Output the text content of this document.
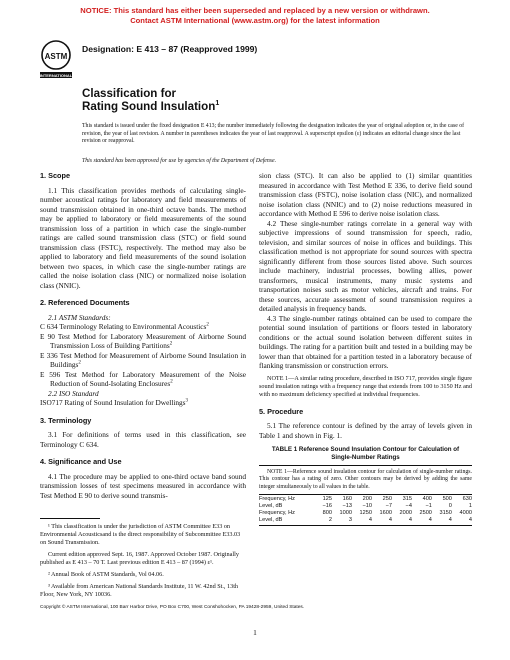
NOTICE: This standard has either been superseded and replaced by a new version or withdrawn.
Contact ASTM International (www.astm.org) for the latest information
ASTM
INTERNATIONAL
Designation: E 413 – 87 (Reapproved 1999)
Classification for
Rating Sound Insulation$^1$

This standard is issued under the fixed designation E 413; the number immediately following the designation indicates the year of original adoption or, in the case of revision, the year of last revision. A number in parentheses indicates the year of last reapproval. A superscript epsilon (ε) indicates an editorial change since the last revision or reapproval.

This standard has been approved for use by agencies of the Department of Defense.

1. Scope

1.1 This classification provides methods of calculating single-number acoustical ratings for laboratory and field measurements of sound transmission obtained in one-third octave bands. The method may be applied to laboratory or field measurements of the sound transmission loss of a partition in which case the single-number ratings are called sound transmission class (STC) or field sound transmission class (FSTC), respectively. The method may also be applied to laboratory and field measurements of the sound isolation between two spaces, in which case the single-number ratings are called the noise isolation class (NIC) or normalized noise isolation class (NNIC).

2. Referenced Documents

2.1 ASTM Standards:

C 634 Terminology Relating to Environmental Acoustics$^2$

E 90 Test Method for Laboratory Measurement of Airborne Sound Transmission Loss of Building Partitions$^2$

E 336 Test Method for Measurement of Airborne Sound Insulation in Buildings$^2$

E 596 Test Method for Laboratory Measurement of the Noise Reduction of Sound-Isolating Enclosures$^2$

2.2 ISO Standard

ISO717 Rating of Sound Insulation for Dwellings$^3$

3. Terminology

3.1 For definitions of terms used in this classification, see Terminology C 634.

4. Significance and Use

4.1 The procedure may be applied to one-third octave band sound transmission losses of test specimens measured in accordance with Test Method E 90 to derive sound transmis-

sion class (STC). It can also be applied to (1) similar quantities measured in accordance with Test Method E 336, to derive field sound transmission class (FSTC), noise isolation class (NIC), and normalized noise isolation class (NNIC) and to (2) noise reductions measured in accordance with Method E 596 to derive noise isolation class.

4.2 These single-number ratings correlate in a general way with subjective impressions of sound transmission for speech, radio, television, and similar sources of noise in offices and buildings. This classification method is not appropriate for sound sources with spectra significantly different from those sources listed above. Such sources include machinery, industrial processes, bowling allies, power transformers, musical instruments, many music systems and transportation noises such as motor vehicles, aircraft and trains. For these sources, accurate assessment of sound transmission requires a detailed analysis in frequency bands.

4.3 The single-number ratings obtained can be used to compare the potential sound insulation of partitions or floors tested in laboratory conditions or the actual sound isolation between different suites in buildings. The rating for a partition built and tested in a building may be lower than that obtained for a partition tested in a laboratory because of flanking transmission or construction errors.

NOTE 1—A similar rating procedure, described in ISO 717, provides single figure sound insulation ratings with a frequency range that extends from 100 to 3150 Hz and with no maximum deficiency specified at individual frequencies.

5. Procedure

5.1 The reference contour is defined by the array of levels given in Table 1 and shown in Fig. 1.

TABLE 1 Reference Sound Insulation Contour for Calculation of
Single-Number Ratings

NOTE 1—Reference sound insulation contour for calculation of single-number ratings. This contour has a rating of zero. Other contours may be derived by adding the same integer simultaneously to all values in the table.

Frequency, Hz	125	160	200	250	315	400	500	630
Level, dB	−16	−13	−10	−7	−4	−1	0	1
Frequency, Hz	800	1000	1250	1600	2000	2500	3150	4000
Level, dB	2	3	4	4	4	4	4	4

¹ This classification is under the jurisdiction of ASTM Committee E33 on Environmental Acousticsand is the direct responsibility of Subcommittee E33.03 on Sound Transmission.

Current edition approved Sept. 16, 1987. Approved October 1987. Originally published as E 413 – 70 T. Last previous edition E 413 – 87 (1994) ε¹.

² Annual Book of ASTM Standards, Vol 04.06.

³ Available from American National Standards Institute, 11 W. 42nd St., 13th Floor, New York, NY 10036.

Copyright © ASTM International, 100 Barr Harbor Drive, PO Box C700, West Conshohocken, PA 19428-2959, United States.
1
